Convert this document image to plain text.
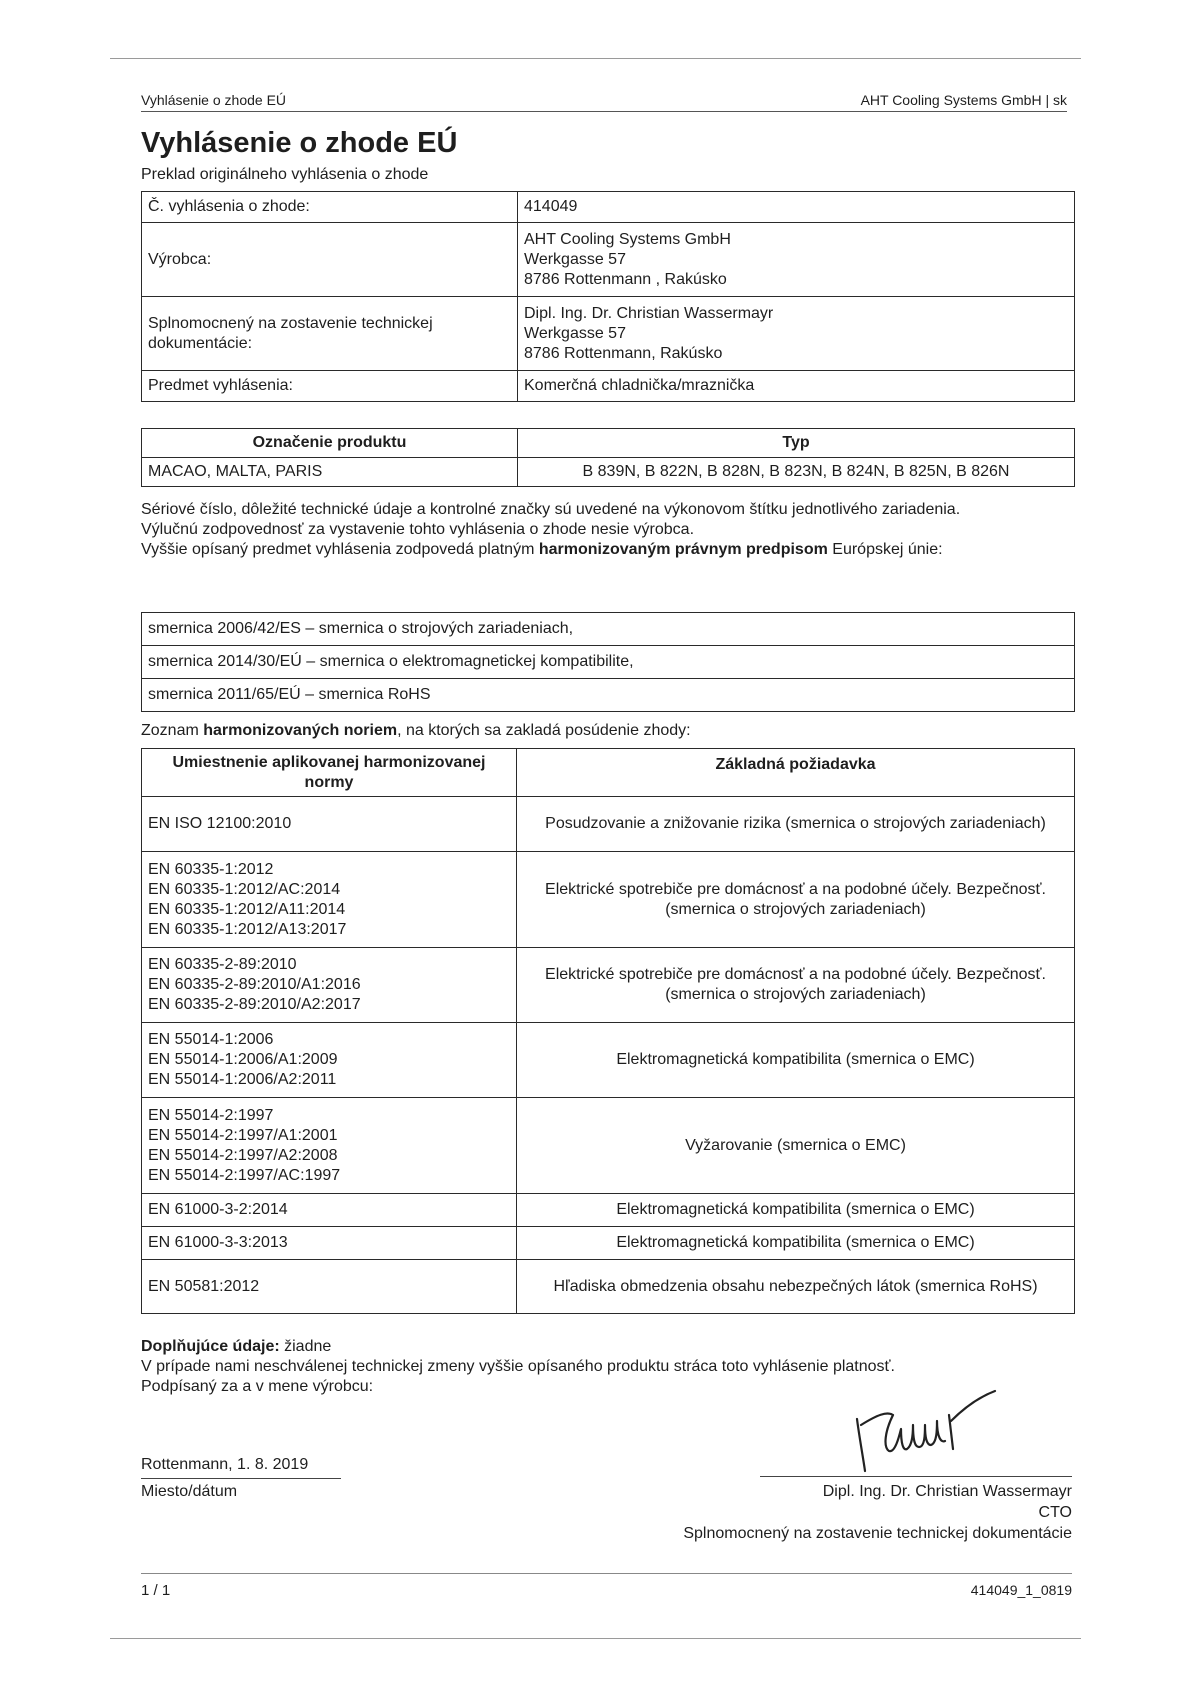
Vyhlásenie o zhode EÚ	AHT Cooling Systems GmbH | sk
Vyhlásenie o zhode EÚ
Preklad originálneho vyhlásenia o zhode
Č. vyhlásenia o zhode:	414049
Výrobca:	AHT Cooling Systems GmbH
Werkgasse 57
8786 Rottenmann , Rakúsko
Splnomocnený na zostavenie technickej dokumentácie:	Dipl. Ing. Dr. Christian Wassermayr
Werkgasse 57
8786 Rottenmann, Rakúsko
Predmet vyhlásenia:	Komerčná chladnička/mraznička
Označenie produktu	Typ
MACAO, MALTA, PARIS	B 839N, B 822N, B 828N, B 823N, B 824N, B 825N, B 826N

Sériové číslo, dôležité technické údaje a kontrolné značky sú uvedené na výkonovom štítku jednotlivého zariadenia.

Výlučnú zodpovednosť za vystavenie tohto vyhlásenia o zhode nesie výrobca.

Vyššie opísaný predmet vyhlásenia zodpovedá platným harmonizovaným právnym predpisom Európskej únie:

smernica 2006/42/ES – smernica o strojových zariadeniach,
smernica 2014/30/EÚ – smernica o elektromagnetickej kompatibilite,
smernica 2011/65/EÚ – smernica RoHS
Zoznam harmonizovaných noriem, na ktorých sa zakladá posúdenie zhody:
Umiestnenie aplikovanej harmonizovanej normy	Základná požiadavka
EN ISO 12100:2010	Posudzovanie a znižovanie rizika (smernica o strojových zariadeniach)
EN 60335-1:2012
EN 60335-1:2012/AC:2014
EN 60335-1:2012/A11:2014
EN 60335-1:2012/A13:2017	Elektrické spotrebiče pre domácnosť a na podobné účely. Bezpečnosť. (smernica o strojových zariadeniach)
EN 60335-2-89:2010
EN 60335-2-89:2010/A1:2016
EN 60335-2-89:2010/A2:2017	Elektrické spotrebiče pre domácnosť a na podobné účely. Bezpečnosť. (smernica o strojových zariadeniach)
EN 55014-1:2006
EN 55014-1:2006/A1:2009
EN 55014-1:2006/A2:2011	Elektromagnetická kompatibilita (smernica o EMC)
EN 55014-2:1997
EN 55014-2:1997/A1:2001
EN 55014-2:1997/A2:2008
EN 55014-2:1997/AC:1997	Vyžarovanie (smernica o EMC)
EN 61000-3-2:2014	Elektromagnetická kompatibilita (smernica o EMC)
EN 61000-3-3:2013	Elektromagnetická kompatibilita (smernica o EMC)
EN 50581:2012	Hľadiska obmedzenia obsahu nebezpečných látok (smernica RoHS)

Doplňujúce údaje: žiadne

V prípade nami neschválenej technickej zmeny vyššie opísaného produktu stráca toto vyhlásenie platnosť.

Podpísaný za a v mene výrobcu:

Rottenmann, 1. 8. 2019
Miesto/dátum	Dipl. Ing. Dr. Christian Wassermayr
CTO
Splnomocnený na zostavenie technickej dokumentácie
1 / 1	414049_1_0819
